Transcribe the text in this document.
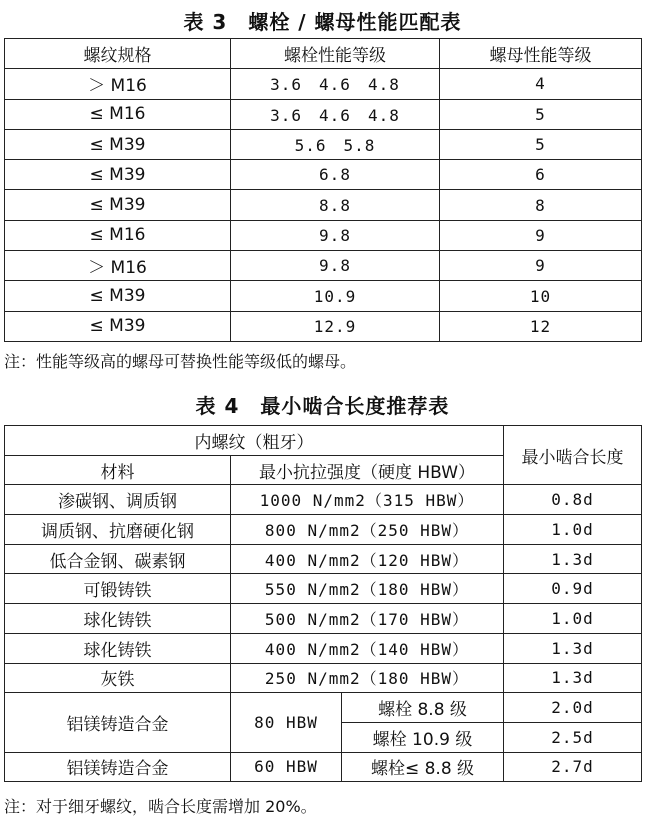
表 3　螺栓 / 螺母性能匹配表
螺纹规格	螺栓性能等级	螺母性能等级
＞ M16	3.6　4.6　4.8	4
≤ M16	3.6　4.6　4.8	5
≤ M39	5.6　5.8	5
≤ M39	6.8	6
≤ M39	8.8	8
≤ M16	9.8	9
＞ M16	9.8	9
≤ M39	10.9	10
≤ M39	12.9	12
注：性能等级高的螺母可替换性能等级低的螺母。
表 4　最小啮合长度推荐表
内螺纹（粗牙）			最小啮合长度
材料	最小抗拉强度（硬度 HBW）		
渗碳钢、调质钢	1000 N/mm2（315 HBW）		0.8d
调质钢、抗磨硬化钢	800 N/mm2（250 HBW）		1.0d
低合金钢、碳素钢	400 N/mm2（120 HBW）		1.3d
可锻铸铁	550 N/mm2（180 HBW）		0.9d
球化铸铁	500 N/mm2（170 HBW）		1.0d
球化铸铁	400 N/mm2（140 HBW）		1.3d
灰铁	250 N/mm2（180 HBW）		1.3d
铝镁铸造合金	80 HBW	螺栓 8.8 级	2.0d
		螺栓 10.9 级	2.5d
铝镁铸造合金	60 HBW	螺栓≤ 8.8 级	2.7d
注：对于细牙螺纹，啮合长度需增加 20%。
